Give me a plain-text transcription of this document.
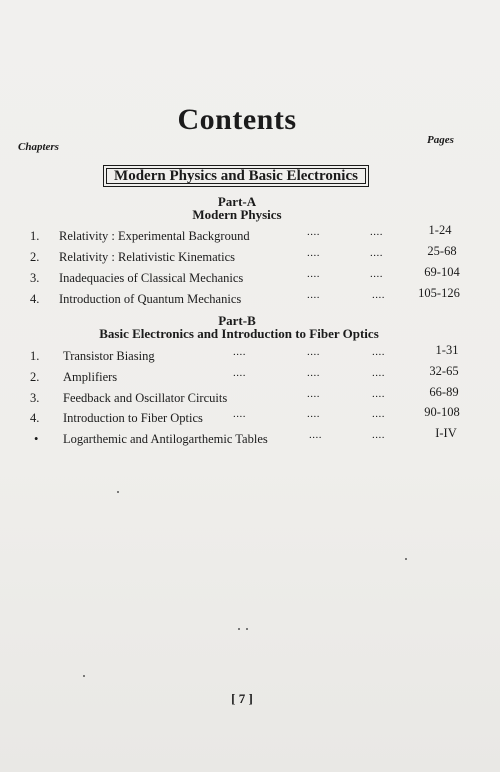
Contents
Chapters
Pages
Modern Physics and Basic Electronics
Part-A
Modern Physics
1. Relativity : Experimental Background	....	....	1-24
2. Relativity : Relativistic Kinematics	....	....	25-68
3. Inadequacies of Classical Mechanics	....	....	69-104
4. Introduction of Quantum Mechanics	....	....	105-126
Part-B
Basic Electronics and Introduction to Fiber Optics
1. Transistor Biasing	....	....	....	1-31
2. Amplifiers	....	....	....	32-65
3. Feedback and Oscillator Circuits	....	....	66-89
4. Introduction to Fiber Optics	....	....	....	90-108
• Logarthemic and Antilogarthemic Tables	....	....	I-IV
[ 7 ]
